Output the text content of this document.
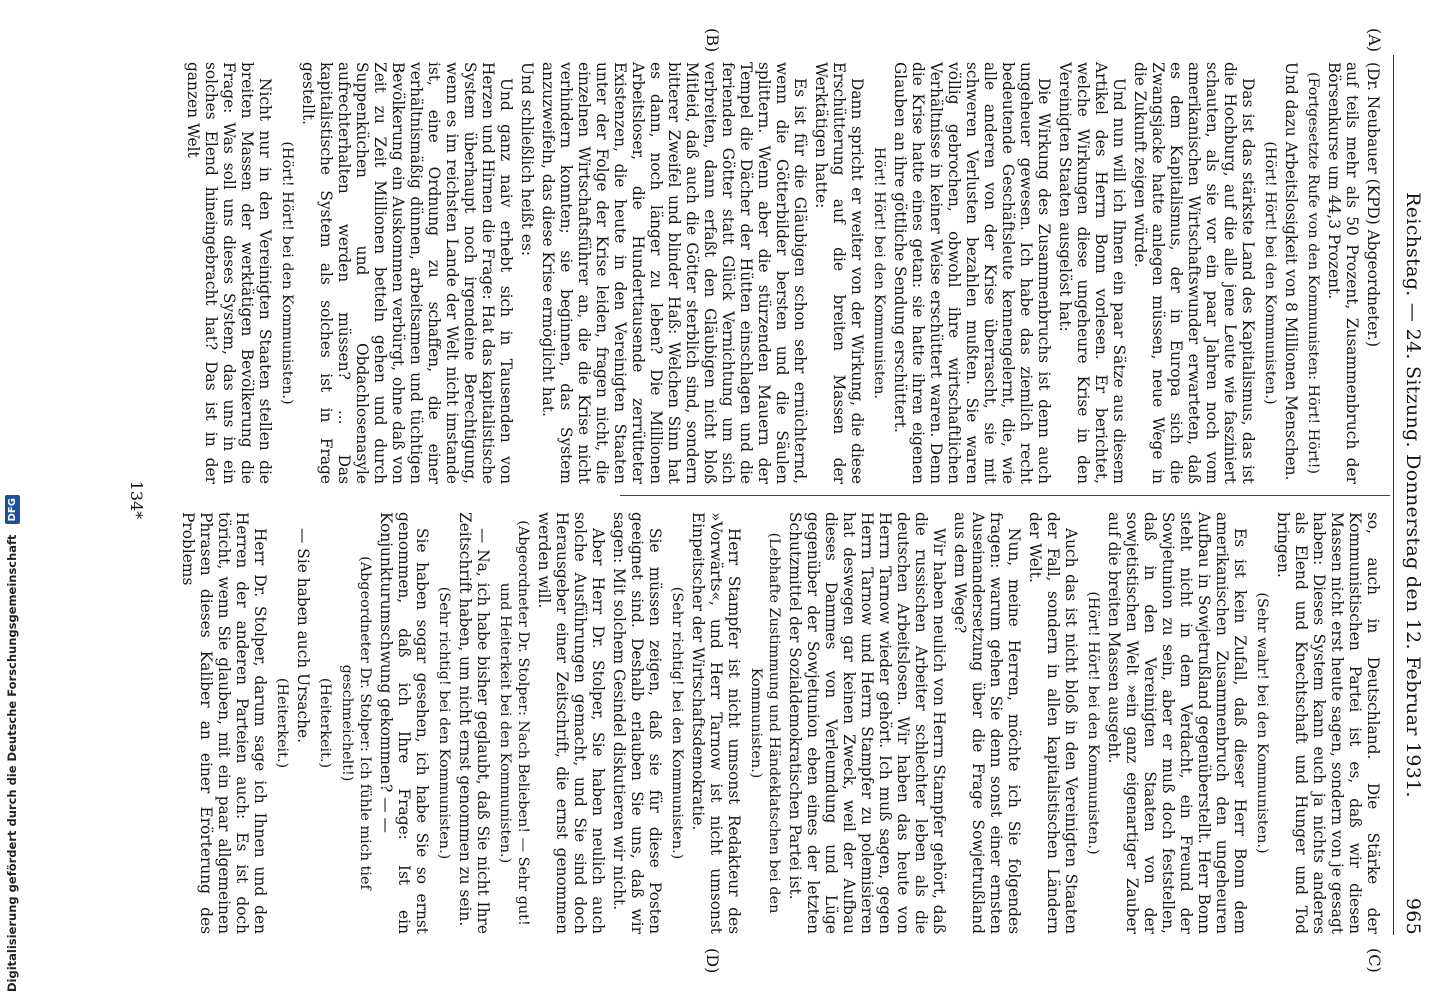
Reichstag. — 24. Sitzung. Donnerstag den 12. Februar 1931.
965
(A)
(B)
(C)
(D)

(Dr. Neubauer (KPD) Abgeordneter.)

auf teils mehr als 50 Prozent, Zusammenbruch der Börsenkurse um 44,3 Prozent.

(Fortgesetzte Rufe von den Kommunisten: Hört! Hört!)

Und dazu Arbeitslosigkeit von 8 Millionen Menschen.

(Hört! Hört! bei den Kommunisten.)

Das ist das stärkste Land des Kapitalismus, das ist die Hochburg, auf die alle jene Leute wie fasziniert schauten, als sie vor ein paar Jahren noch vom amerikanischen Wirtschaftswunder erwarteten, daß es dem Kapitalismus, der in Europa sich die Zwangsjacke hatte anlegen müssen, neue Wege in die Zukunft zeigen würde.

Und nun will ich Ihnen ein paar Sätze aus diesem Artikel des Herrn Bonn vorlesen. Er berichtet, welche Wirkungen diese ungeheure Krise in den Vereinigten Staaten ausgelöst hat:

Die Wirkung des Zusammenbruchs ist denn auch ungeheuer gewesen. Ich habe das ziemlich recht bedeutende Geschäftsleute kennengelernt, die, wie alle anderen von der Krise überrascht, sie mit schweren Verlusten bezahlen mußten. Sie waren völlig gebrochen, obwohl ihre wirtschaftlichen Verhältnisse in keiner Weise erschüttert waren. Denn die Krise hatte eines getan: sie hatte ihren eigenen Glauben an ihre göttliche Sendung erschüttert.

Hört! Hört! bei den Kommunisten.

Dann spricht er weiter von der Wirkung, die diese Erschütterung auf die breiten Massen der Werktätigen hatte:

Es ist für die Gläubigen schon sehr ernüchternd, wenn die Götterbilder bersten und die Säulen splittern. Wenn aber die stürzenden Mauern der Tempel die Dächer der Hütten einschlagen und die ferienden Götter statt Glück Vernichtung um sich verbreiten, dann erfaßt den Gläubigen nicht bloß Mitleid, daß auch die Götter sterblich sind, sondern bitterer Zweifel und blinder Haß: Welchen Sinn hat es dann, noch länger zu leben? Die Millionen Arbeitsloser, die Hunderttausende zerrütteter Existenzen, die heute in den Vereinigten Staaten unter der Folge der Krise leiden, fragen nicht, die einzelnen Wirtschaftsführer an, die die Krise nicht verhindern konnten; sie beginnen, das System anzuzweifeln, das diese Krise ermöglicht hat.

Und schließlich heißt es:

Und ganz naiv erhebt sich in Tausenden von Herzen und Hirnen die Frage: Hat das kapitalistische System überhaupt noch irgendeine Berechtigung, wenn es im reichsten Lande der Welt nicht imstande ist, eine Ordnung zu schaffen, die einer verhältnismäßig dünnen, arbeitsamen und tüchtigen Bevölkerung ein Auskommen verbürgt, ohne daß von Zeit zu Zeit Millionen betteln gehen und durch Suppenküchen und Obdachlosenasyle aufrechterhalten werden müssen? ... Das kapitalistische System als solches ist in Frage gestellt.

(Hört! Hört! bei den Kommunisten.)

Nicht nur in den Vereinigten Staaten stellen die breiten Massen der werktätigen Bevölkerung die Frage: Was soll uns dieses System, das uns in ein solches Elend hineingebracht hat? Das ist in der ganzen Welt

so, auch in Deutschland. Die Stärke der Kommunistischen Partei ist es, daß wir diesen Massen nicht erst heute sagen, sondern von je gesagt haben: Dieses System kann euch ja nichts anderes als Elend und Knechtschaft und Hunger und Tod bringen.

(Sehr wahr! bei den Kommunisten.)

Es ist kein Zufall, daß dieser Herr Bonn dem amerikanischen Zusammenbruch den ungeheuren Aufbau in Sowjetrußland gegenüberstellt. Herr Bonn steht nicht in dem Verdacht, ein Freund der Sowjetunion zu sein, aber er muß doch feststellen, daß in den Vereinigten Staaten von der sowjetistischen Welt »ein ganz eigenartiger Zauber auf die breiten Massen ausgeht.

(Hört! Hört! bei den Kommunisten.)

Auch das ist nicht bloß in den Vereinigten Staaten der Fall, sondern in allen kapitalistischen Ländern der Welt.

Nun, meine Herren, möchte ich Sie folgendes fragen: warum gehen Sie denn sonst einer ernsten Auseinandersetzung über die Frage Sowjetrußland aus dem Wege?

Wir haben neulich von Herrn Stampfer gehört, daß die russischen Arbeiter schlechter leben als die deutschen Arbeitslosen. Wir haben das heute von Herrn Tarnow wieder gehört. Ich muß sagen, gegen Herrn Tarnow und Herrn Stampfer zu polemisieren hat deswegen gar keinen Zweck, weil der Aufbau dieses Dammes von Verleumdung und Lüge gegenüber der Sowjetunion eben eines der letzten Schutzmittel der Sozialdemokratischen Partei ist.

(Lebhafte Zustimmung und Händeklatschen bei den Kommunisten.)

Herr Stampfer ist nicht umsonst Redakteur des »Vorwärts«, und Herr Tarnow ist nicht umsonst Einpeitscher der Wirtschaftsdemokratie.

(Sehr richtig! bei den Kommunisten.)

Sie müssen zeigen, daß sie für diese Posten geeignet sind. Deshalb erlauben Sie uns, daß wir sagen: Mit solchem Gesindel diskutieren wir nicht.

Aber Herr Dr. Stolper, Sie haben neulich auch solche Ausführungen gemacht, und Sie sind doch Herausgeber einer Zeitschrift, die ernst genommen werden will.

(Abgeordneter Dr. Stolper: Nach Belieben! — Sehr gut! und Heiterkeit bei den Kommunisten.)

— Na, ich habe bisher geglaubt, daß Sie nicht Ihre Zeitschrift haben, um nicht ernst genommen zu sein.

(Sehr richtig! bei den Kommunisten.)

Sie haben sogar gesehen, ich habe Sie so ernst genommen, daß ich Ihre Frage: Ist ein Konjunkturumschwung gekommen? — —

(Abgeordneter Dr. Stolper: Ich fühle mich tief geschmeichelt!)

(Heiterkeit.)

— Sie haben auch Ursache.

(Heiterkeit.)

Herr Dr. Stolper, darum sage ich Ihnen und den Herren der anderen Parteien auch: Es ist doch töricht, wenn Sie glauben, mit ein paar allgemeinen Phrasen dieses Kaliber an einer Erörterung des Problems

134*
Digitalisierung gefördert durch die Deutsche Forschungsgemeinschaft DFG
